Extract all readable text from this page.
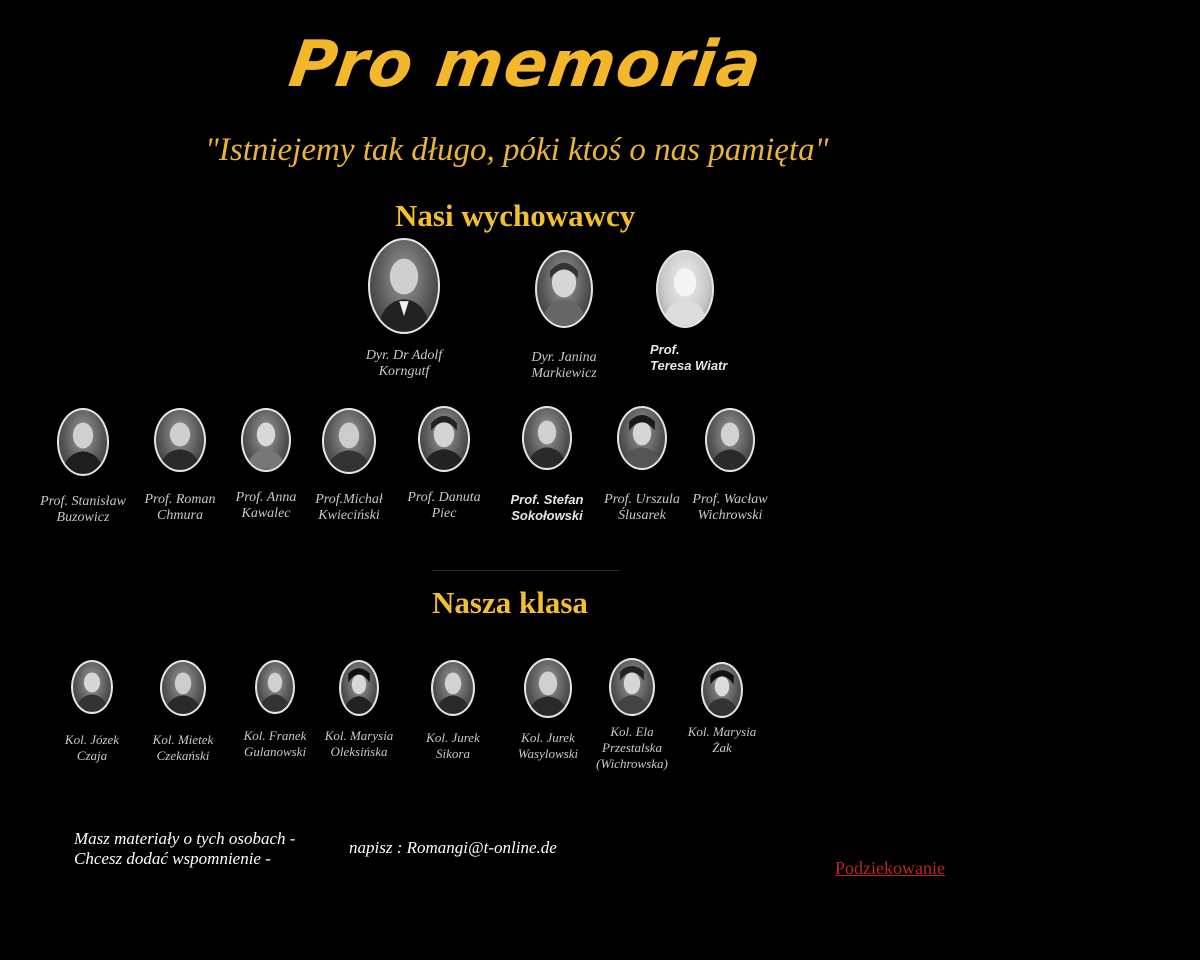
Pro memoria
"Istniejemy tak długo, póki ktoś o nas pamięta"
Nasi wychowawcy
Dyr. Dr Adolf
Korngutf
Dyr. Janina
Markiewicz
Prof.
Teresa Wiatr
Prof. Stanisław
Buzowicz
Prof. Roman
Chmura
Prof. Anna
Kawalec
Prof.Michał
Kwieciński
Prof. Danuta
Piec
Prof. Stefan
Sokołowski
Prof. Urszula
Ślusarek
Prof. Wacław
Wichrowski
Nasza klasa
Kol. Józek
Czaja
Kol. Mietek
Czekański
Kol. Franek
Gulanowski
Kol. Marysia
Oleksińska
Kol. Jurek
Sikora
Kol. Jurek
Wasylowski
Kol. Ela
Przestalska
(Wichrowska)
Kol. Marysia
Żak
Masz materiały o tych osobach -
Chcesz dodać wspomnienie -
napisz : Romangi@t-online.de
Podziekowanie
